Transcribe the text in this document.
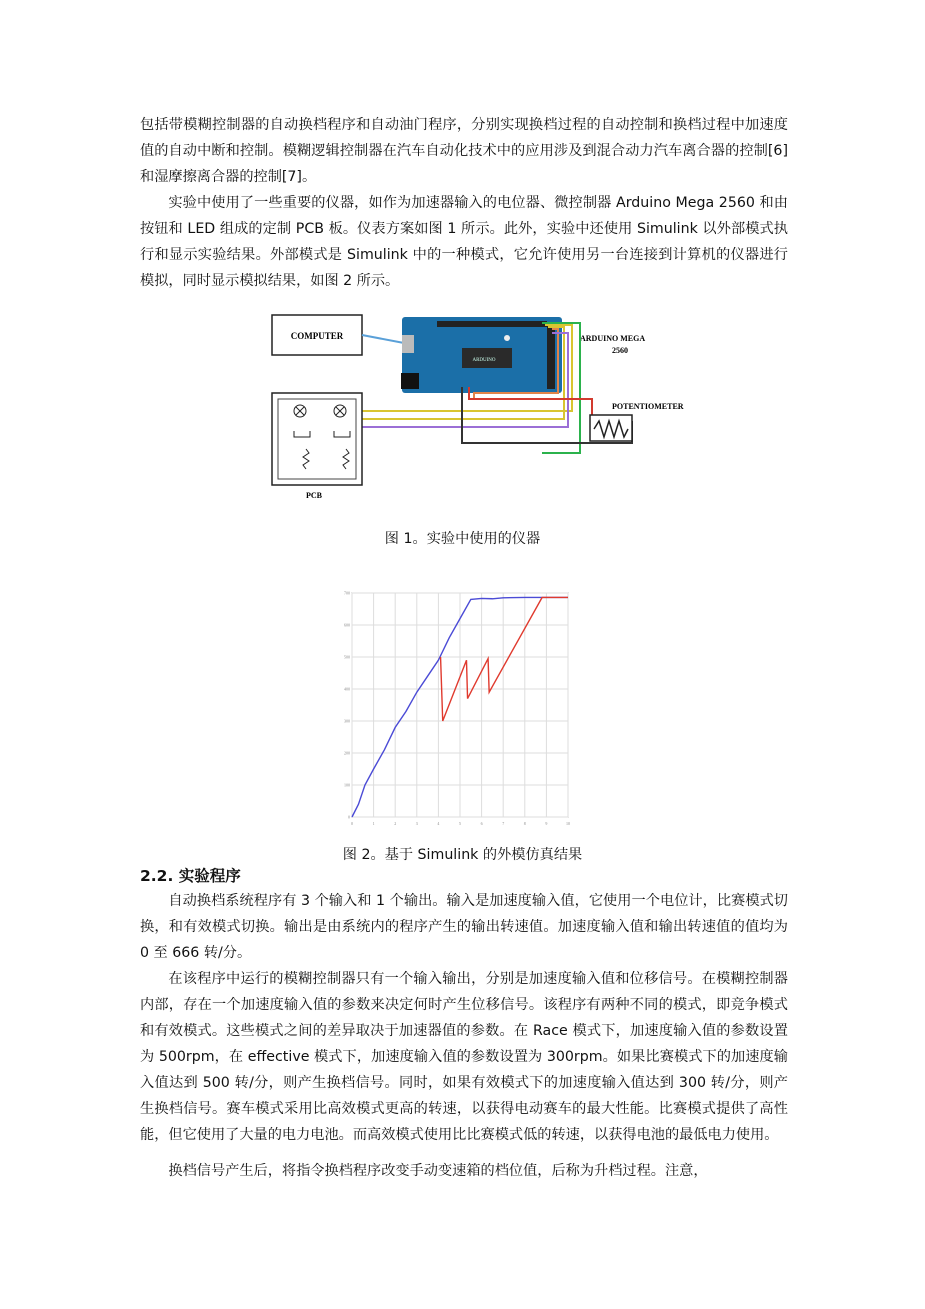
包括带模糊控制器的自动换档程序和自动油门程序，分别实现换档过程的自动控制和换档过程中加速度值的自动中断和控制。模糊逻辑控制器在汽车自动化技术中的应用涉及到混合动力汽车离合器的控制[6]和湿摩擦离合器的控制[7]。
实验中使用了一些重要的仪器，如作为加速器输入的电位器、微控制器 Arduino Mega 2560 和由按钮和 LED 组成的定制 PCB 板。仪表方案如图 1 所示。此外，实验中还使用 Simulink 以外部模式执行和显示实验结果。外部模式是 Simulink 中的一种模式，它允许使用另一台连接到计算机的仪器进行模拟，同时显示模拟结果，如图 2 所示。
COMPUTER
ARDUINO
ARDUINO MEGA
2560
POTENTIOMETER
PCB
图 1。实验中使用的仪器
0	1	2	3	4	5	6	7	8	9	10
0
100
200
300
400
500
600
700
图 2。基于 Simulink 的外模仿真结果
2.2. 实验程序
自动换档系统程序有 3 个输入和 1 个输出。输入是加速度输入值，它使用一个电位计，比赛模式切换，和有效模式切换。输出是由系统内的程序产生的输出转速值。加速度输入值和输出转速值的值均为 0 至 666 转/分。
在该程序中运行的模糊控制器只有一个输入输出，分别是加速度输入值和位移信号。在模糊控制器内部，存在一个加速度输入值的参数来决定何时产生位移信号。该程序有两种不同的模式，即竞争模式和有效模式。这些模式之间的差异取决于加速器值的参数。在 Race 模式下，加速度输入值的参数设置为 500rpm，在 effective 模式下，加速度输入值的参数设置为 300rpm。如果比赛模式下的加速度输入值达到 500 转/分，则产生换档信号。同时，如果有效模式下的加速度输入值达到 300 转/分，则产生换档信号。赛车模式采用比高效模式更高的转速，以获得电动赛车的最大性能。比赛模式提供了高性能，但它使用了大量的电力电池。而高效模式使用比比赛模式低的转速，以获得电池的最低电力使用。
换档信号产生后，将指令换档程序改变手动变速箱的档位值，后称为升档过程。注意，
